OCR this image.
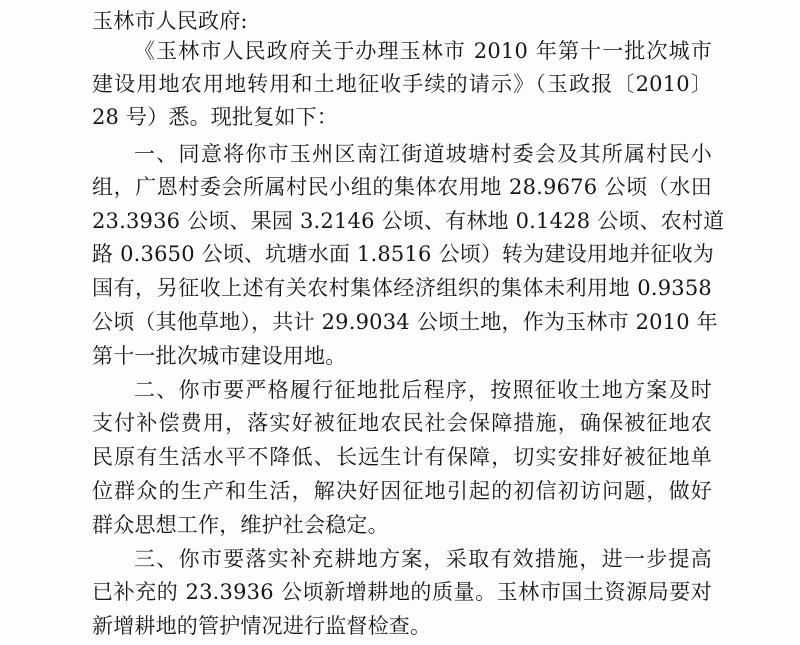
玉林市人民政府:
《玉林市人民政府关于办理玉林市 2010 年第十一批次城市
建设用地农用地转用和土地征收手续的请示》（玉政报〔2010〕
28 号）悉。现批复如下：
一、同意将你市玉州区南江街道坡塘村委会及其所属村民小
组，广恩村委会所属村民小组的集体农用地 28.9676 公顷（水田
23.3936 公顷、果园 3.2146 公顷、有林地 0.1428 公顷、农村道
路 0.3650 公顷、坑塘水面 1.8516 公顷）转为建设用地并征收为
国有，另征收上述有关农村集体经济组织的集体未利用地 0.9358
公顷（其他草地），共计 29.9034 公顷土地，作为玉林市 2010 年
第十一批次城市建设用地。
二、你市要严格履行征地批后程序，按照征收土地方案及时
支付补偿费用，落实好被征地农民社会保障措施，确保被征地农
民原有生活水平不降低、长远生计有保障，切实安排好被征地单
位群众的生产和生活，解决好因征地引起的初信初访问题，做好
群众思想工作，维护社会稳定。
三、你市要落实补充耕地方案，采取有效措施，进一步提高
已补充的 23.3936 公顷新增耕地的质量。玉林市国土资源局要对
新增耕地的管护情况进行监督检查。
